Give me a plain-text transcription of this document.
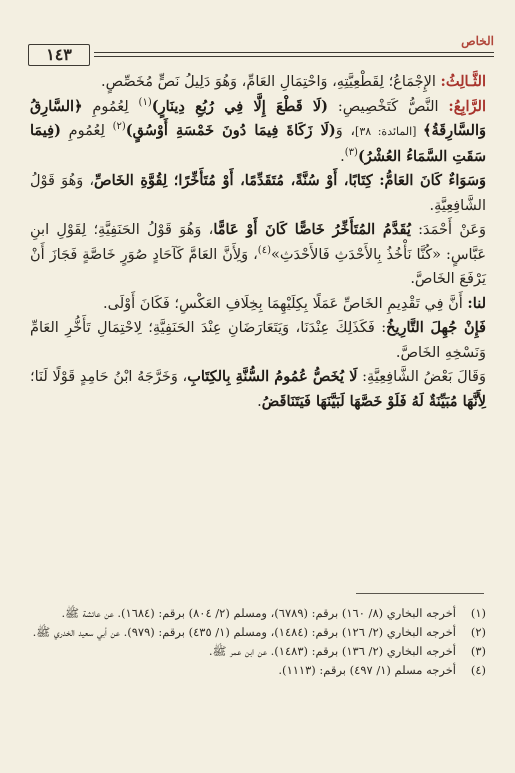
الخاص
١٤٣

الثَّـالِثُ: الإِجْمَاعُ؛ لِقَطْعِيَّتِهِ، وَاحْتِمَالِ العَامِّ، وَهُوَ دَلِيلُ نَصٍّ مُخَصِّصٍ.

الرَّابِعُ: النَّصُّ كَتَخْصِيصِ: (لَا قَطْعَ إِلَّا فِي رُبُعِ دِينَارٍ)$^{(١)}$ لِعُمُومِ ﴿السَّارِقُ وَالسَّارِقَةُ﴾ [المائدة: ٣٨]، وَ(لَا زَكَاةَ فِيمَا دُونَ خَمْسَةِ أَوْسُقٍ)$^{(٢)}$ لِعُمُومِ (فِيمَا سَقَتِ السَّمَاءُ العُشْرُ)$^{(٣)}$.

وَسَوَاءٌ كَانَ العَامُّ: كِتَابًا، أَوْ سُنَّةً، مُتَقَدِّمًا، أَوْ مُتَأَخِّرًا؛ لِقُوَّةِ الخَاصِّ، وَهُوَ قَوْلُ الشَّافِعِيَّةِ.

وَعَنْ أَحْمَدَ: يُقَدَّمُ المُتَأَخِّرُ خَاصًّا كَانَ أَوْ عَامًّا، وَهُوَ قَوْلُ الحَنَفِيَّةِ؛ لِقَوْلِ ابنِ عَبَّاسٍ: «كُنَّا نَأْخُذُ بِالأَحْدَثِ فَالأَحْدَثِ»$^{(٤)}$، وَلِأَنَّ العَامَّ كَآحَادٍ صُوَرٍ خَاصَّةٍ فَجَازَ أَنْ يَرْفَعَ الخَاصَّ.

لنا: أَنَّ فِي تَقْدِيمِ الخَاصِّ عَمَلًا بِكِلَيْهِمَا بِخِلَافِ العَكْسِ؛ فَكَانَ أَوْلَى.

فَإِنْ جُهِلَ التَّارِيخُ: فَكَذَلِكَ عِنْدَنَا، وَيَتَعَارَضَانِ عِنْدَ الحَنَفِيَّةِ؛ لِاحْتِمَالِ تَأَخُّرِ العَامِّ وَنَسْخِهِ الخَاصَّ.

وَقَالَ بَعْضُ الشَّافِعِيَّةِ: لَا يُخَصُّ عُمُومُ السُّنَّةِ بِالكِتَابِ، وَخَرَّجَهُ ابْنُ حَامِدٍ قَوْلًا لَنَا؛ لِأَنَّهَا مُبَيِّنَةٌ لَهُ فَلَوْ خَصَّهَا لَبَيَّنَهَا فَيَتَنَاقَضُ.

(١)
أخرجه البخاري (٨/ ١٦٠) برقم: (٦٧٨٩)، ومسلم (٢/ ٨٠٤) برقم: (١٦٨٤). عن عائشة ﷺ.
(٢)
أخرجه البخاري (٢/ ١٢٦) برقم: (١٤٨٤)، ومسلم (١/ ٤٣٥) برقم: (٩٧٩). عن أبي سعيد الخدري ﷺ.
(٣)
أخرجه البخاري (٢/ ١٣٦) برقم: (١٤٨٣). عن ابن عمر ﷺ.
(٤)
أخرجه مسلم (١/ ٤٩٧) برقم: (١١١٣).
